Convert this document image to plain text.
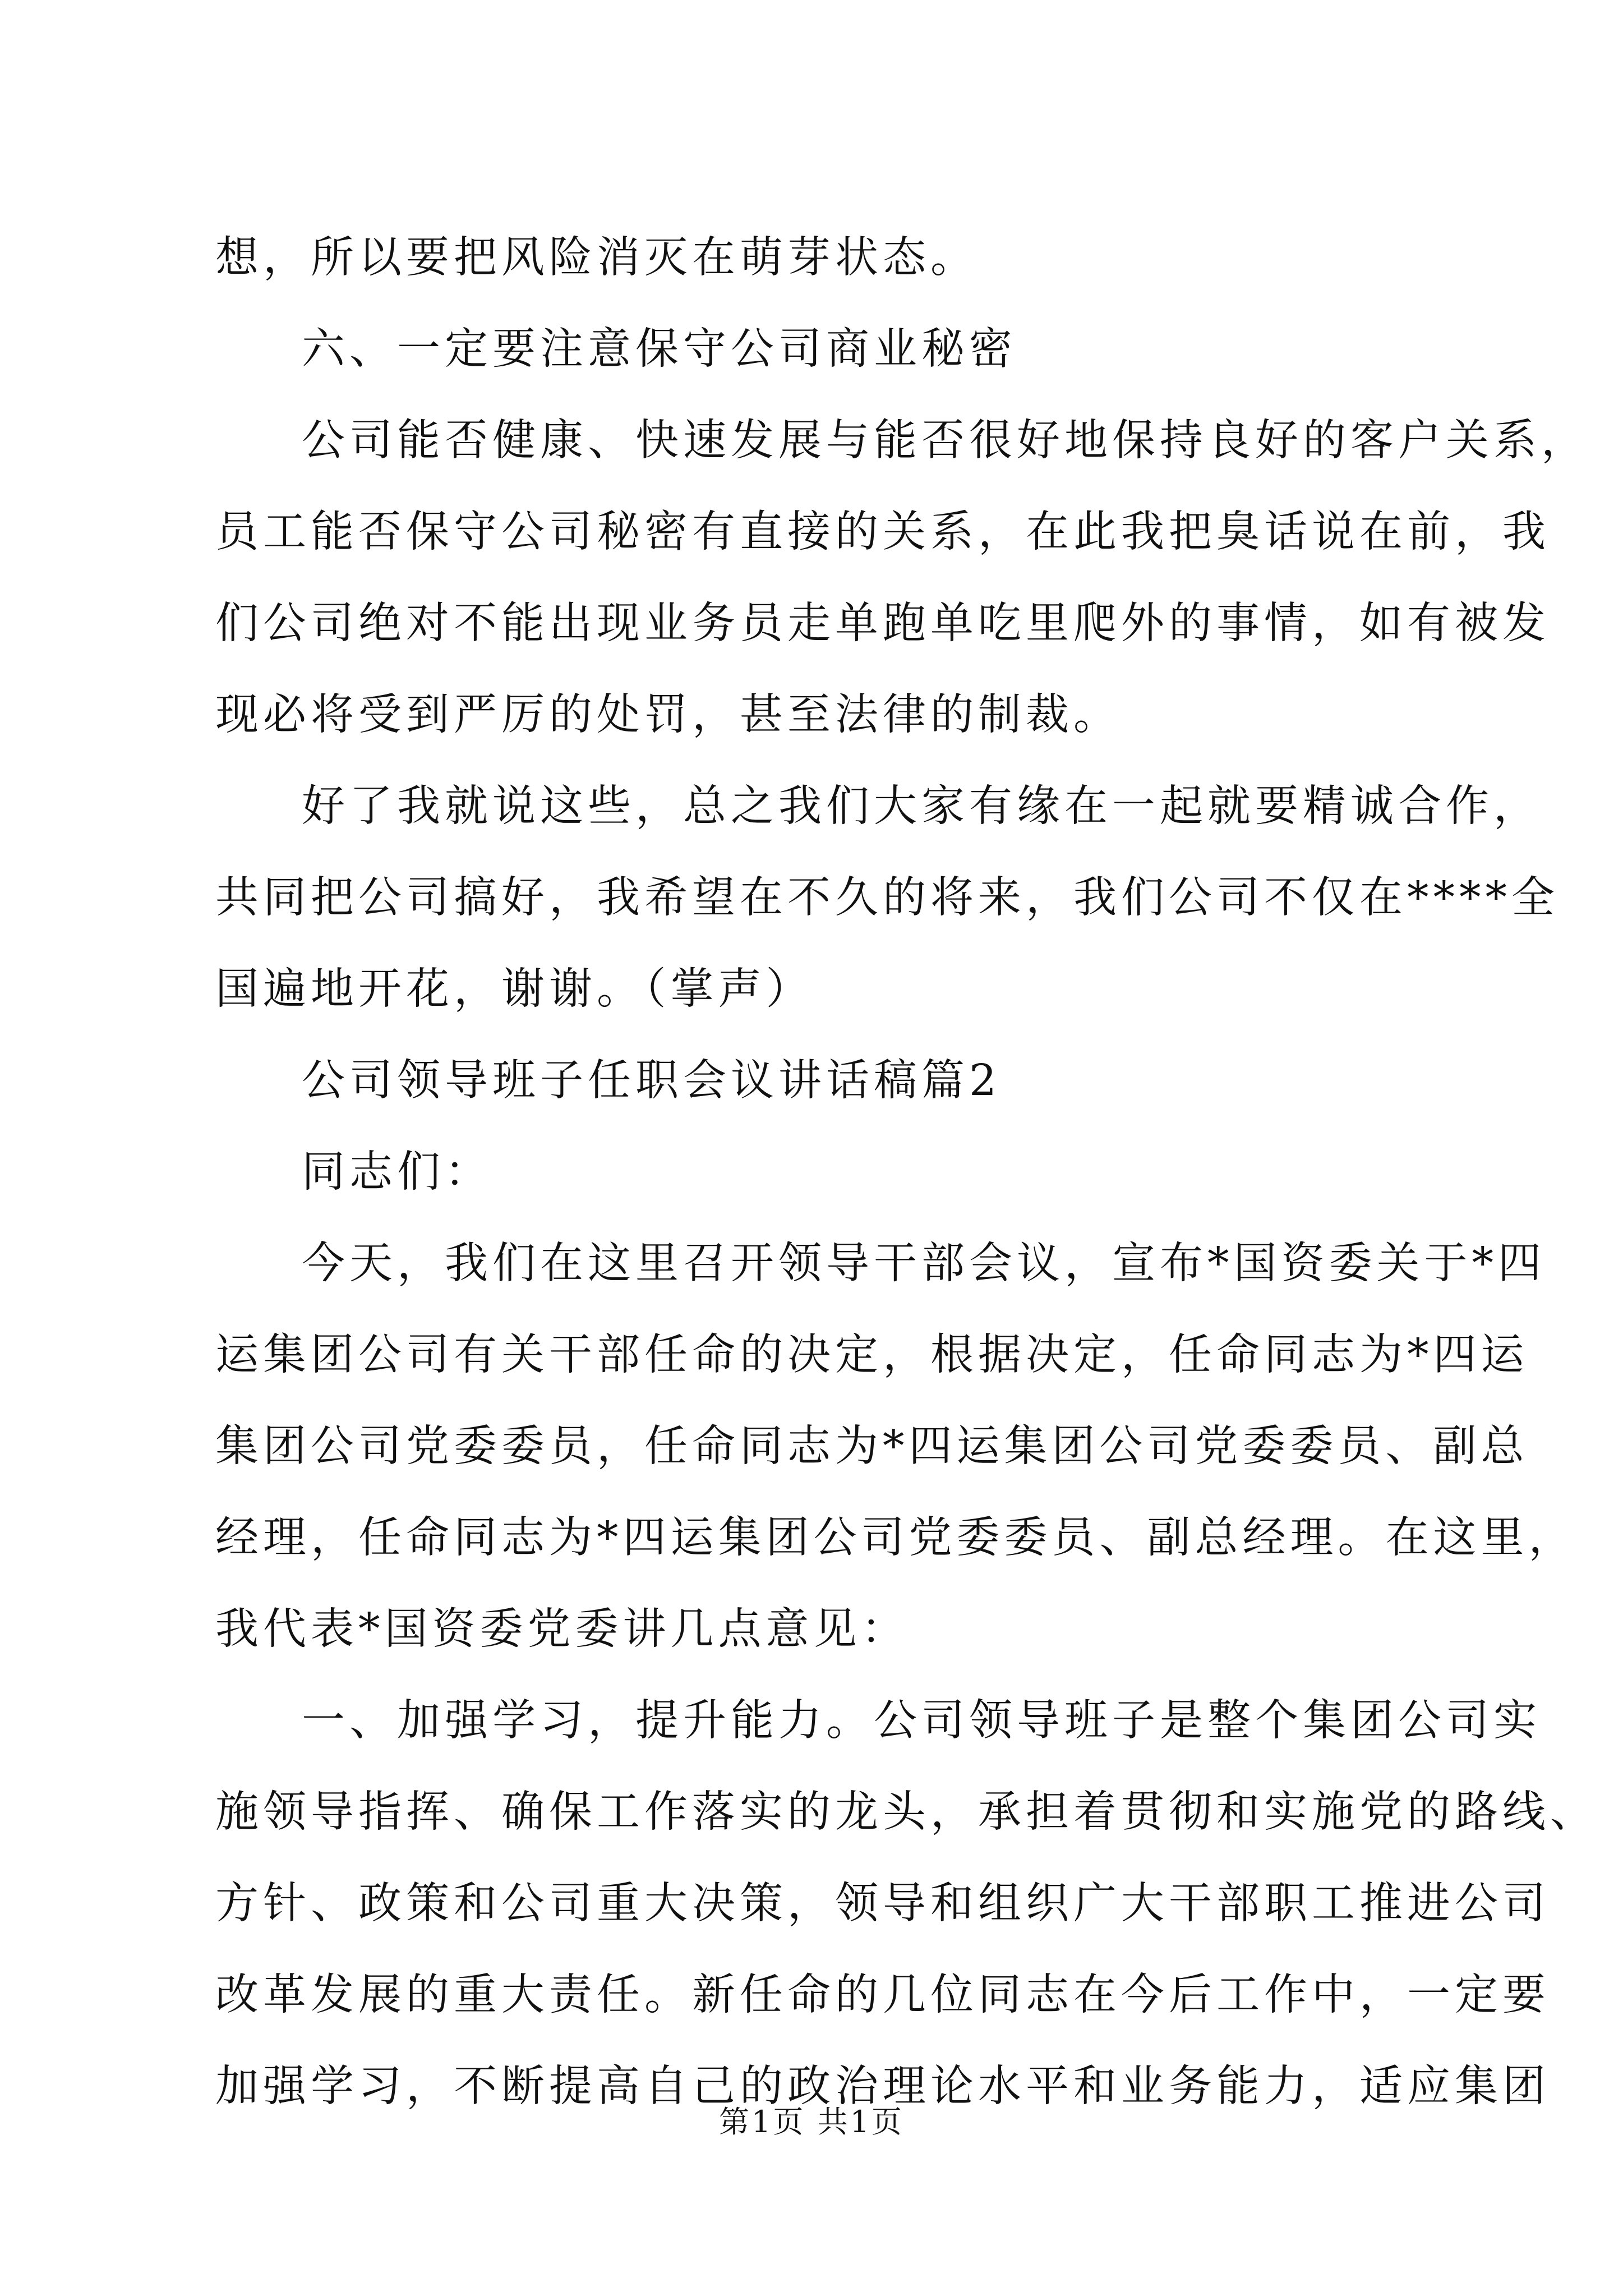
想，所以要把风险消灭在萌芽状态。
六、一定要注意保守公司商业秘密
公司能否健康、快速发展与能否很好地保持良好的客户关系，
员工能否保守公司秘密有直接的关系，在此我把臭话说在前，我
们公司绝对不能出现业务员走单跑单吃里爬外的事情，如有被发
现必将受到严厉的处罚，甚至法律的制裁。
好了我就说这些，总之我们大家有缘在一起就要精诚合作，
共同把公司搞好，我希望在不久的将来，我们公司不仅在****全
国遍地开花，谢谢。（掌声）
公司领导班子任职会议讲话稿篇2
同志们：
今天，我们在这里召开领导干部会议，宣布*国资委关于*四
运集团公司有关干部任命的决定，根据决定，任命同志为*四运
集团公司党委委员，任命同志为*四运集团公司党委委员、副总
经理，任命同志为*四运集团公司党委委员、副总经理。在这里，
我代表*国资委党委讲几点意见：
一、加强学习，提升能力。公司领导班子是整个集团公司实
施领导指挥、确保工作落实的龙头，承担着贯彻和实施党的路线、
方针、政策和公司重大决策，领导和组织广大干部职工推进公司
改革发展的重大责任。新任命的几位同志在今后工作中，一定要
加强学习，不断提高自己的政治理论水平和业务能力，适应集团
第1页 共1页
